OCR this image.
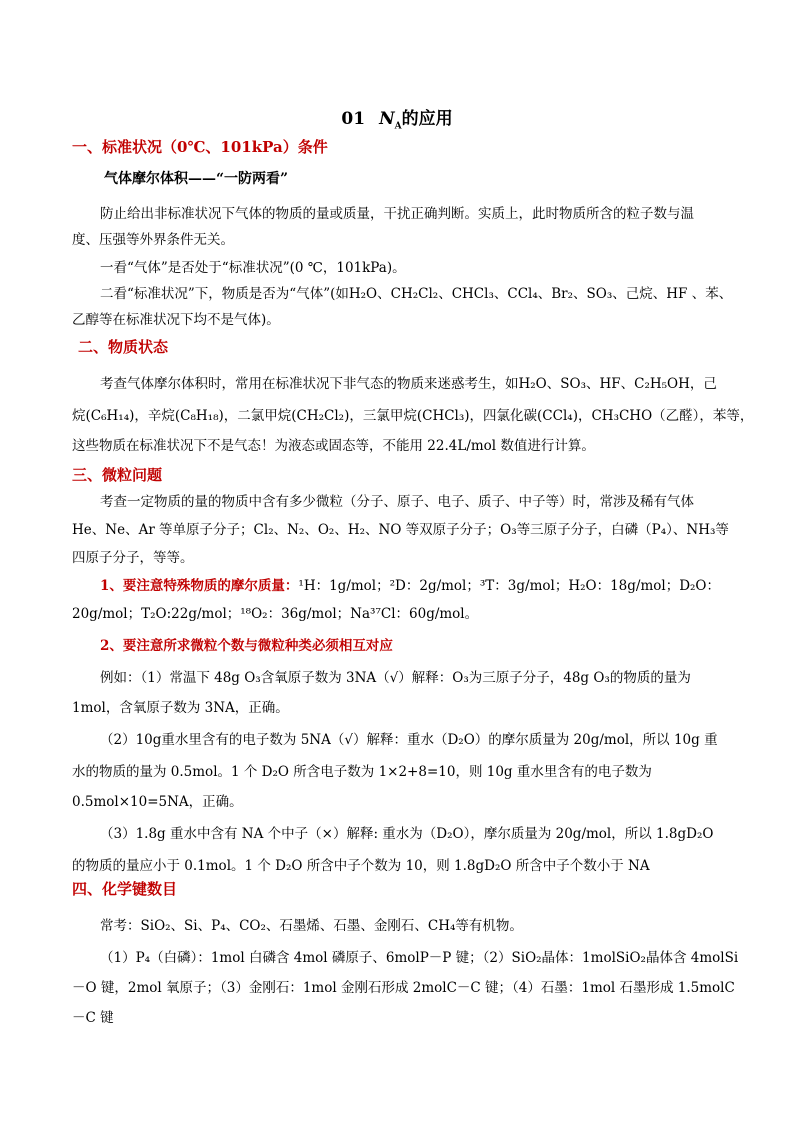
01 $N_A$的应用
一、标准状况（0℃、101kPa）条件
气体摩尔体积——“一防两看”
防止给出非标准状况下气体的物质的量或质量，干扰正确判断。实质上，此时物质所含的粒子数与温
度、压强等外界条件无关。
一看“气体”是否处于“标准状况”(0 ℃，101kPa)。
二看“标准状况”下，物质是否为“气体”(如H₂O、CH₂Cl₂、CHCl₃、CCl₄、Br₂、SO₃、己烷、HF 、苯、
乙醇等在标准状况下均不是气体)。
二、物质状态
考查气体摩尔体积时，常用在标准状况下非气态的物质来迷惑考生，如H₂O、SO₃、HF、C₂H₅OH，己
烷(C₆H₁₄)，辛烷(C₈H₁₈)，二氯甲烷(CH₂Cl₂)，三氯甲烷(CHCl₃)，四氯化碳(CCl₄)，CH₃CHO（乙醛），苯等，
这些物质在标准状况下不是气态！为液态或固态等，不能用 22.4L/mol 数值进行计算。
三、微粒问题
考查一定物质的量的物质中含有多少微粒（分子、原子、电子、质子、中子等）时，常涉及稀有气体
He、Ne、Ar 等单原子分子；Cl₂、N₂、O₂、H₂、NO 等双原子分子；O₃等三原子分子，白磷（P₄）、NH₃等
四原子分子，等等。
1、要注意特殊物质的摩尔质量：¹H：1g/mol；²D：2g/mol；³T：3g/mol；H₂O：18g/mol；D₂O：
20g/mol；T₂O:22g/mol；¹⁸O₂：36g/mol；Na³⁷Cl：60g/mol。
2、要注意所求微粒个数与微粒种类必须相互对应
例如：（1）常温下 48g O₃含氧原子数为 3NA（√）解释：O₃为三原子分子，48g O₃的物质的量为
1mol，含氧原子数为 3NA，正确。
（2）10g重水里含有的电子数为 5NA（√）解释：重水（D₂O）的摩尔质量为 20g/mol，所以 10g 重
水的物质的量为 0.5mol。1 个 D₂O 所含电子数为 1×2+8=10，则 10g 重水里含有的电子数为
0.5mol×10=5NA，正确。
（3）1.8g 重水中含有 NA 个中子（×）解释: 重水为（D₂O），摩尔质量为 20g/mol，所以 1.8gD₂O
的物质的量应小于 0.1mol。1 个 D₂O 所含中子个数为 10，则 1.8gD₂O 所含中子个数小于 NA
四、化学键数目
常考：SiO₂、Si、P₄、CO₂、石墨烯、石墨、金刚石、CH₄等有机物。
（1）P₄（白磷）：1mol 白磷含 4mol 磷原子、6molP－P 键；（2）SiO₂晶体：1molSiO₂晶体含 4molSi
－O 键，2mol 氧原子；（3）金刚石：1mol 金刚石形成 2molC－C 键；（4）石墨：1mol 石墨形成 1.5molC
－C 键
